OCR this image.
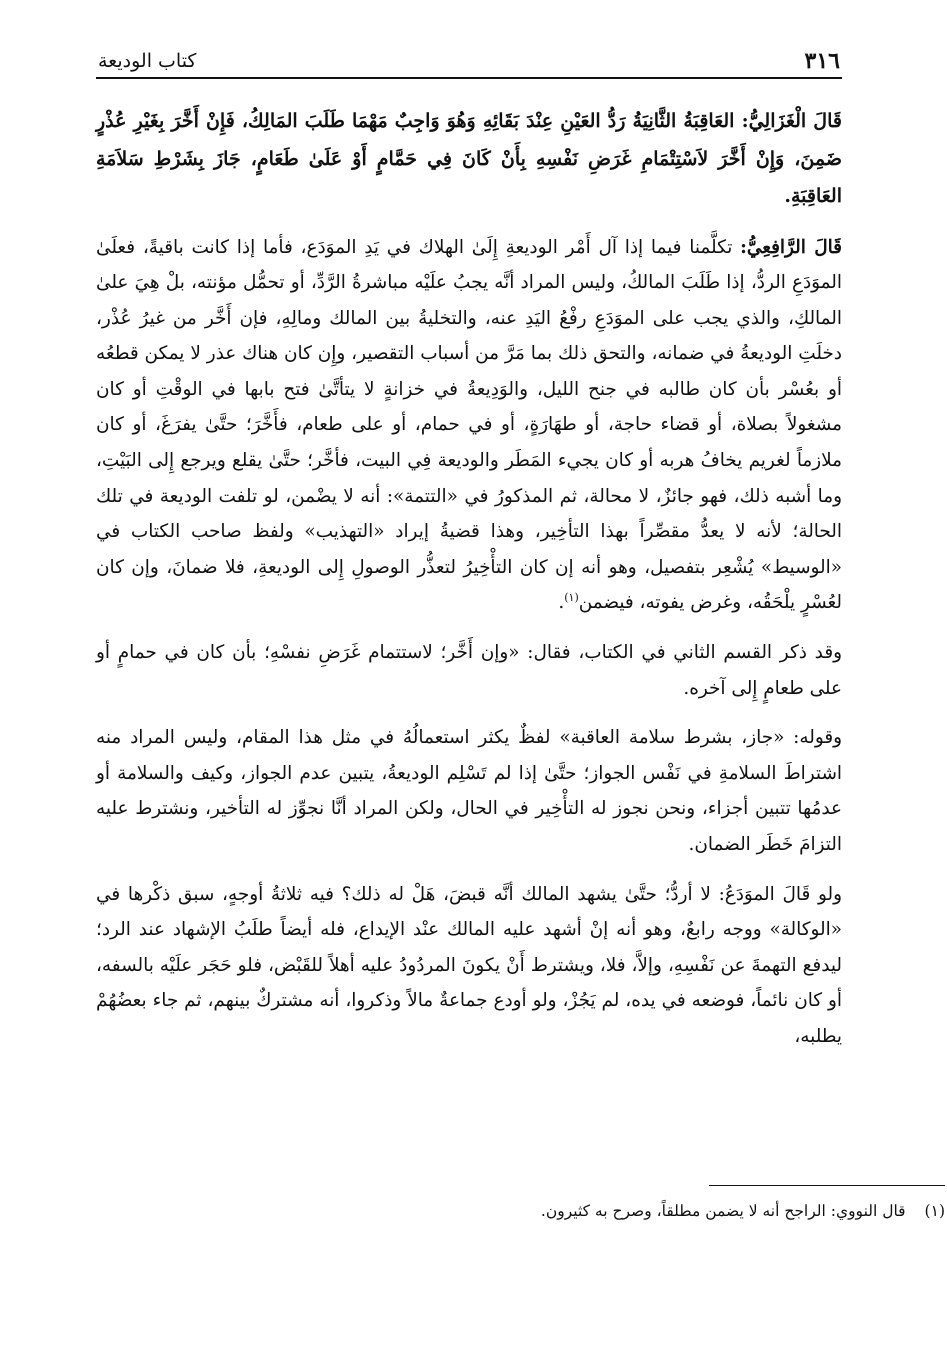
٣١٦
كتاب الوديعة

قَالَ الْغَزَالِيُّ: العَاقِبَةُ الثَّانِيَةُ رَدُّ العَيْنِ عِنْدَ بَقَائِهِ وَهُوَ وَاجِبٌ مَهْمَا طَلَبَ المَالِكُ، فَإِنْ أَخَّرَ بِغَيْرِ عُذْرٍ ضَمِنَ، وَإِنْ أَخَّرَ لاَسْتِتْمَامِ غَرَضِ نَفْسِهِ بِأَنْ كَانَ فِي حَمَّامٍ أَوْ عَلَىٰ طَعَامٍ، جَازَ بِشَرْطِ سَلاَمَةِ العَاقِبَةِ.

قَالَ الرَّافِعِيُّ: تكلَّمنا فيما إذا آل أَمْر الوديعةِ إِلَىٰ الهلاك في يَدِ الموَدَع، فأما إذا كانت باقيةً، فعلَىٰ الموَدَعِ الردُّ، إذا طَلَبَ المالكُ، وليس المراد أنَّه يجبُ علَيْه مباشرةُ الرَّدِّ، أو تحمُّل مؤنته، بلْ هِيَ علىٰ المالكِ، والذي يجب على الموَدَعِ رفْعُ اليَدِ عنه، والتخليةُ بين المالك ومالِهِ، فإن أَخَّر من غيرُ عُذْر، دخلَتِ الوديعةُ في ضمانه، والتحق ذلك بما مَرَّ من أسباب التقصير، وإِن كان هناك عذر لا يمكن قطعُه أو بعُسْر بأن كان طالبه في جنح الليل، والوَدِيعةُ في خزانةٍ لا يتأتَّىٰ فتح بابها في الوقْتِ أو كان مشغولاً بصلاة، أو قضاء حاجة، أو طهَارَةٍ، أو في حمام، أو على طعام، فأَخَّرَ؛ حتَّىٰ يفرَغَ، أو كان ملازماً لغريم يخافُ هربه أو كان يجيء المَطَر والوديعة فِي البيت، فأخَّر؛ حتَّىٰ يقلع ويرجع إِلى البَيْتِ، وما أشبه ذلك، فهو جائزٌ، لا محالة، ثم المذكورُ في «التتمة»: أنه لا يضْمن، لو تلفت الوديعة في تلك الحالة؛ لأنه لا يعدُّ مقصِّراً بهذا التأخِير، وهذا قضيةُ إيراد «التهذيب» ولفظ صاحب الكتاب في «الوسيط» يُشْعِر بتفصيل، وهو أنه إن كان التأْخِيرُ لتعذُّر الوصولِ إِلى الوديعةِ، فلا ضمانَ، وإن كان لعُسْرٍ يلْحَقُه، وغرض يفوته، فيضمن$^{(١)}$.

وقد ذكر القسم الثاني في الكتاب، فقال: «وإن أَخَّر؛ لاستتمام غَرَضِ نفسْهِ؛ بأن كان في حمامٍ أو على طعامٍ إِلى آخره.

وقوله: «جاز، بشرط سلامة العاقبة» لفظٌ يكثر استعمالُهُ في مثل هذا المقام، وليس المراد منه اشتراطَ السلامةِ في نَفْس الجواز؛ حتَّىٰ إذا لم تَسْلِم الوديعةُ، يتبين عدم الجواز، وكيف والسلامة أو عدمُها تتبين أجزاء، ونحن نجوز له التأْخِير في الحال، ولكن المراد أنَّا نجوِّز له التأخير، ونشترط عليه التزامَ خَطَر الضمان.

ولو قَالَ الموَدَعُ: لا أردُّ؛ حتَّىٰ يشهد المالك أنَّه قبضَ، هَلْ له ذلك؟ فيه ثلاثةُ أوجهٍ، سبق ذكْرها في «الوكالة» ووجه رابعٌ، وهو أنه إنْ أشهد عليه المالك عنْد الإيداع، فله أيضاً طلَبُ الإشهاد عند الرد؛ ليدفع التهمةَ عن نَفْسِهِ، وإلاَّ، فلا، ويشترط أَنْ يكونَ المردُودُ عليه أهلاً للقَبْض، فلو حَجَر علَيْه بالسفه، أو كان نائماً، فوضعه في يده، لم يَجُزْ، ولو أودع جماعةٌ مالاً وذكروا، أنه مشتركٌ بينهم، ثم جاء بعضُهُمْ يطلبه،

(١) قال النووي: الراجح أنه لا يضمن مطلقاً، وصرح به كثيرون.
